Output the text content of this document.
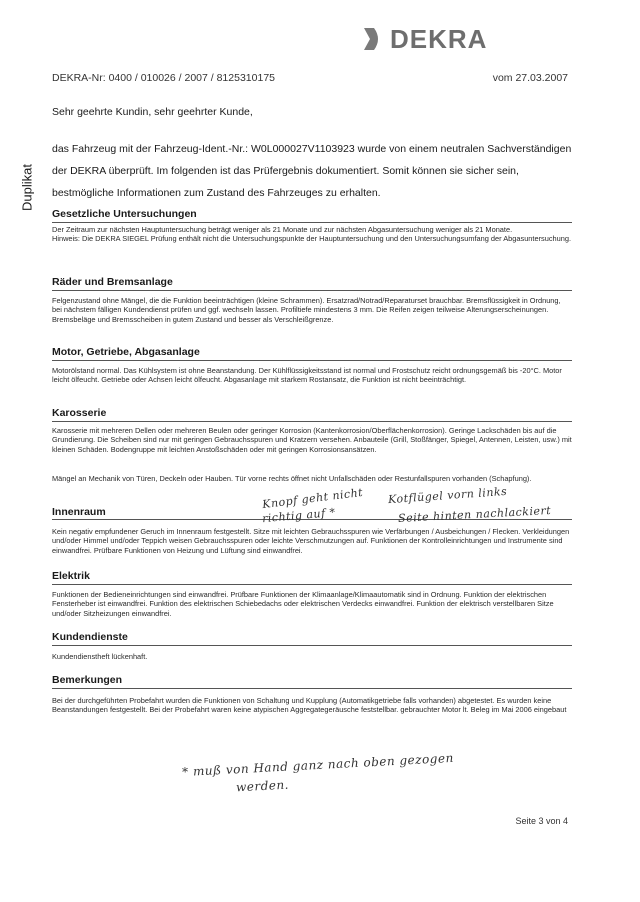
DEKRA
DEKRA-Nr: 0400 / 010026 / 2007 / 8125310175	vom 27.03.2007
Duplikat
Sehr geehrte Kundin, sehr geehrter Kunde,
das Fahrzeug mit der Fahrzeug-Ident.-Nr.: W0L000027V1103923 wurde von einem neutralen Sachverständigen der DEKRA überprüft. Im folgenden ist das Prüfergebnis dokumentiert. Somit können sie sicher sein, bestmögliche Informationen zum Zustand des Fahrzeuges zu erhalten.
Gesetzliche Untersuchungen
Der Zeitraum zur nächsten Hauptuntersuchung beträgt weniger als 21 Monate und zur nächsten Abgasuntersuchung weniger als 21 Monate.
Hinweis: Die DEKRA SIEGEL Prüfung enthält nicht die Untersuchungspunkte der Hauptuntersuchung und den Untersuchungsumfang der Abgasuntersuchung.
Räder und Bremsanlage
Felgenzustand ohne Mängel, die die Funktion beeinträchtigen (kleine Schrammen). Ersatzrad/Notrad/Reparaturset brauchbar. Bremsflüssigkeit in Ordnung, bei nächstem fälligen Kundendienst prüfen und ggf. wechseln lassen. Profiltiefe mindestens 3 mm. Die Reifen zeigen teilweise Alterungserscheinungen. Bremsbeläge und Bremsscheiben in gutem Zustand und besser als Verschleißgrenze.
Motor, Getriebe, Abgasanlage
Motorölstand normal. Das Kühlsystem ist ohne Beanstandung. Der Kühlflüssigkeitsstand ist normal und Frostschutz reicht ordnungsgemäß bis -20°C. Motor leicht ölfeucht. Getriebe oder Achsen leicht ölfeucht. Abgasanlage mit starkem Rostansatz, die Funktion ist nicht beeinträchtigt.
Karosserie
Karosserie mit mehreren Dellen oder mehreren Beulen oder geringer Korrosion (Kantenkorrosion/Oberflächenkorrosion). Geringe Lackschäden bis auf die Grundierung. Die Scheiben sind nur mit geringen Gebrauchsspuren und Kratzern versehen. Anbauteile (Grill, Stoßfänger, Spiegel, Antennen, Leisten, usw.) mit kleinen Schäden. Bodengruppe mit leichten Anstoßschäden oder mit geringen Korrosionsansätzen.
Mängel an Mechanik von Türen, Deckeln oder Hauben. Tür vorne rechts öffnet nicht Unfallschäden oder Restunfallspuren vorhanden (Schapfung).
Innenraum
Kein negativ empfundener Geruch im Innenraum festgestellt. Sitze mit leichten Gebrauchsspuren wie Verfärbungen / Ausbeichungen / Flecken. Verkleidungen und/oder Himmel und/oder Teppich weisen Gebrauchsspuren oder leichte Verschmutzungen auf. Funktionen der Kontrolleinrichtungen und Instrumente sind einwandfrei. Prüfbare Funktionen von Heizung und Lüftung sind einwandfrei.
Elektrik
Funktionen der Bedieneinrichtungen sind einwandfrei. Prüfbare Funktionen der Klimaanlage/Klimaautomatik sind in Ordnung. Funktion der elektrischen Fensterheber ist einwandfrei. Funktion des elektrischen Schiebedachs oder elektrischen Verdecks einwandfrei. Funktion der elektrisch verstellbaren Sitze und/oder Sitzheizungen einwandfrei.
Kundendienste
Kundendienstheft lückenhaft.
Bemerkungen
Bei der durchgeführten Probefahrt wurden die Funktionen von Schaltung und Kupplung (Automatikgetriebe falls vorhanden) abgetestet. Es wurden keine Beanstandungen festgestellt. Bei der Probefahrt waren keine atypischen Aggregategeräusche feststellbar. gebrauchter Motor lt. Beleg im Mai 2006 eingebaut
Knopf geht nicht
richtig auf *
Kotflügel vorn links
Seite hinten nachlackiert
* muß von Hand ganz nach oben gezogen
werden.
Seite 3 von 4
